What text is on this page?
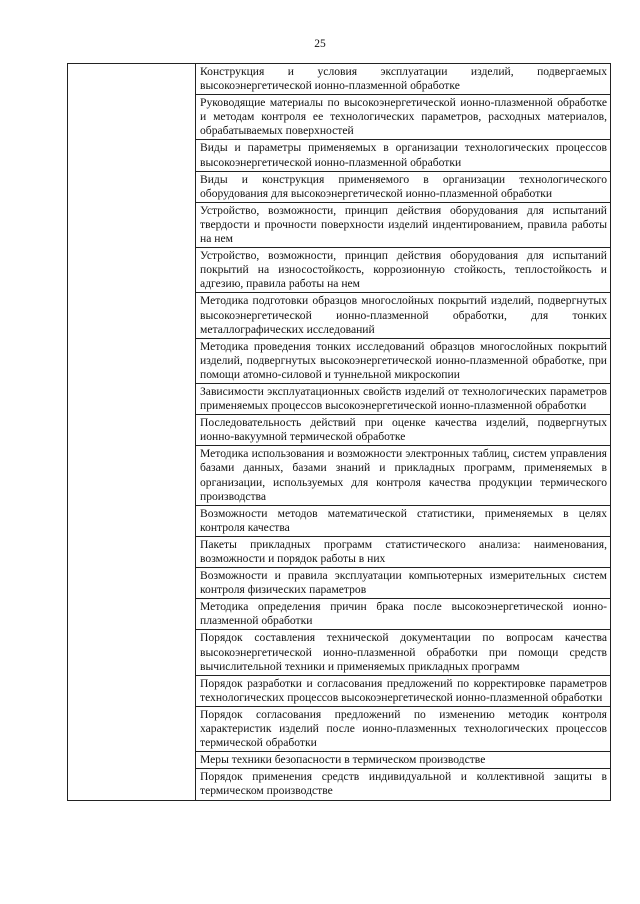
25

Конструкция и условия эксплуатации изделий, подвергаемых высокоэнергетической ионно-плазменной обработке

Руководящие материалы по высокоэнергетической ионно-плазменной обработке и методам контроля ее технологических параметров, расходных материалов, обрабатываемых поверхностей

Виды и параметры применяемых в организации технологических процессов высокоэнергетической ионно-плазменной обработки

Виды и конструкция применяемого в организации технологического оборудования для высокоэнергетической ионно-плазменной обработки

Устройство, возможности, принцип действия оборудования для испытаний твердости и прочности поверхности изделий индентированием, правила работы на нем

Устройство, возможности, принцип действия оборудования для испытаний покрытий на износостойкость, коррозионную стойкость, теплостойкость и адгезию, правила работы на нем

Методика подготовки образцов многослойных покрытий изделий, подвергнутых высокоэнергетической ионно-плазменной обработки, для тонких металлографических исследований

Методика проведения тонких исследований образцов многослойных покрытий изделий, подвергнутых высокоэнергетической ионно-плазменной обработке, при помощи атомно-силовой и туннельной микроскопии

Зависимости эксплуатационных свойств изделий от технологических параметров применяемых процессов высокоэнергетической ионно-плазменной обработки

Последовательность действий при оценке качества изделий, подвергнутых ионно-вакуумной термической обработке

Методика использования и возможности электронных таблиц, систем управления базами данных, базами знаний и прикладных программ, применяемых в организации, используемых для контроля качества продукции термического производства

Возможности методов математической статистики, применяемых в целях контроля качества

Пакеты прикладных программ статистического анализа: наименования, возможности и порядок работы в них

Возможности и правила эксплуатации компьютерных измерительных систем контроля физических параметров

Методика определения причин брака после высокоэнергетической ионно-плазменной обработки

Порядок составления технической документации по вопросам качества высокоэнергетической ионно-плазменной обработки при помощи средств вычислительной техники и применяемых прикладных программ

Порядок разработки и согласования предложений по корректировке параметров технологических процессов высокоэнергетической ионно-плазменной обработки

Порядок согласования предложений по изменению методик контроля характеристик изделий после ионно-плазменных технологических процессов термической обработки

Меры техники безопасности в термическом производстве

Порядок применения средств индивидуальной и коллективной защиты в термическом производстве
